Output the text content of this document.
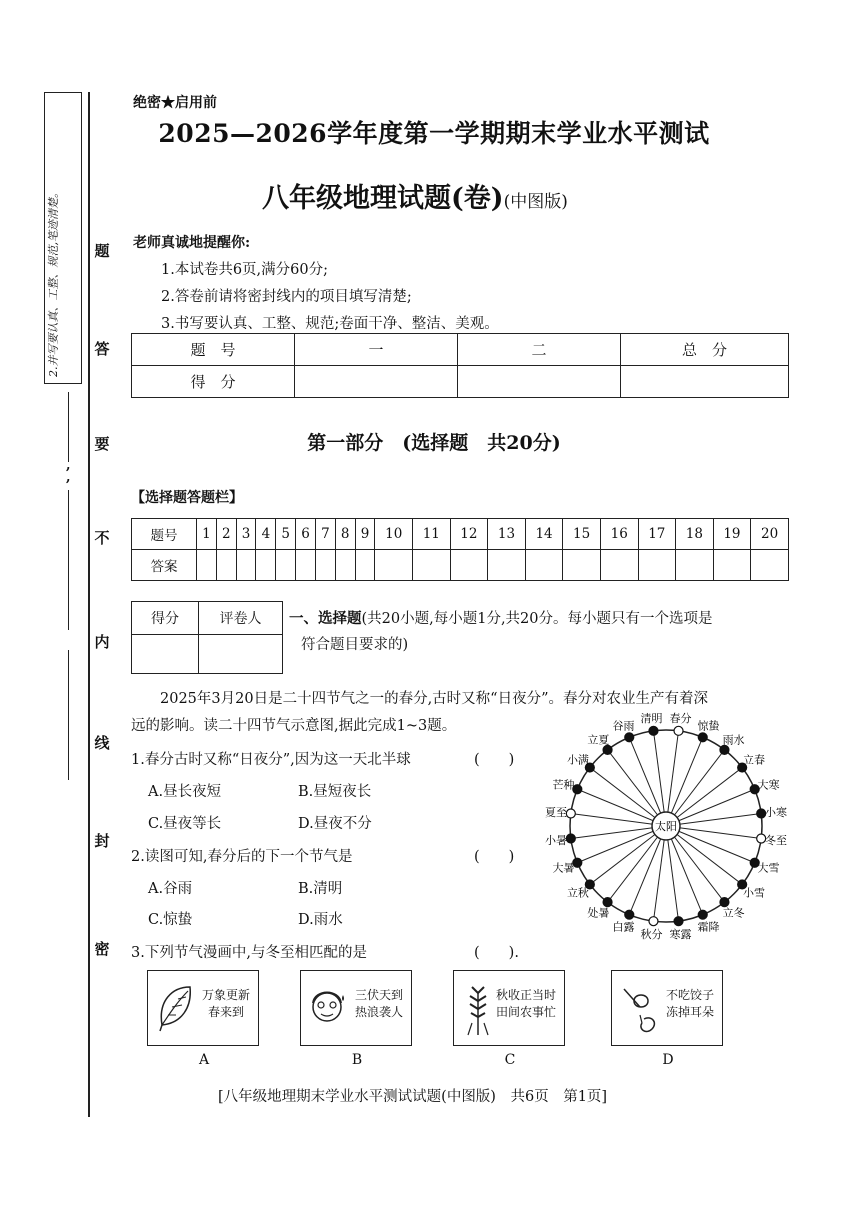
2.并写要认真、工整、规范,笔迹清楚。
,
,
题
答
要
不
内
线
封
密
绝密★启用前
2025—2026学年度第一学期期末学业水平测试
八年级地理试题(卷)(中图版)
老师真诚地提醒你:
1.本试卷共6页,满分60分;
2.答卷前请将密封线内的项目填写清楚;
3.书写要认真、工整、规范;卷面干净、整洁、美观。
题　号	一	二	总　分
得　分			
第一部分　(选择题　共20分)
【选择题答题栏】
题号	1	2	3	4	5	6	7	8	9	10	11	12	13	14	15	16	17	18	19	20
答案																				
得分	评卷人
	一、选择题(共20小题,每小题1分,共20分。每小题只有一个选项是
符合题目要求的)
2025年3月20日是二十四节气之一的春分,古时又称“日夜分”。春分对农业生产有着深
远的影响。读二十四节气示意图,据此完成1~3题。
1.春分古时又称“日夜分”,因为这一天北半球	(　　)
A.昼长夜短	B.昼短夜长
C.昼夜等长	D.昼夜不分
2.读图可知,春分后的下一个节气是	(　　)
A.谷雨	B.清明
C.惊蛰	D.雨水
3.下列节气漫画中,与冬至相匹配的是	(　　).
太阳
春分
惊蛰
雨水
立春
大寒
小寒
冬至
大雪
小雪
立冬
霜降
寒露
秋分
白露
处暑
立秋
大暑
小暑
夏至
芒种
小满
立夏
谷雨
清明
万象更新
春来到
三伏天到
热浪袭人
秋收正当时
田间农事忙
不吃饺子
冻掉耳朵
A	B	C	D
[八年级地理期末学业水平测试试题(中图版)　共6页　第1页]
